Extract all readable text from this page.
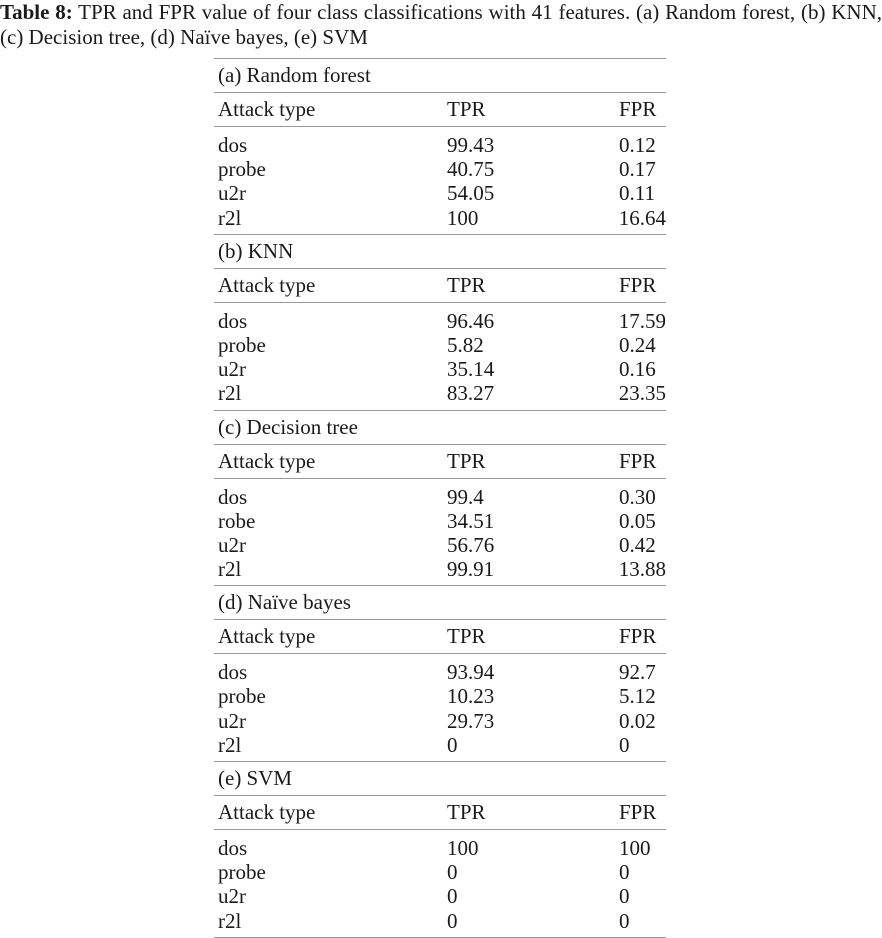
Table 8: TPR and FPR value of four class classifications with 41 features. (a) Random forest, (b) KNN, (c) Decision tree, (d) Naïve bayes, (e) SVM
(a) Random forest
Attack type	TPR	FPR
dos	99.43	0.12
probe	40.75	0.17
u2r	54.05	0.11
r2l	100	16.64
(b) KNN
Attack type	TPR	FPR
dos	96.46	17.59
probe	5.82	0.24
u2r	35.14	0.16
r2l	83.27	23.35
(c) Decision tree
Attack type	TPR	FPR
dos	99.4	0.30
robe	34.51	0.05
u2r	56.76	0.42
r2l	99.91	13.88
(d) Naïve bayes
Attack type	TPR	FPR
dos	93.94	92.7
probe	10.23	5.12
u2r	29.73	0.02
r2l	0	0
(e) SVM
Attack type	TPR	FPR
dos	100	100
probe	0	0
u2r	0	0
r2l	0	0
